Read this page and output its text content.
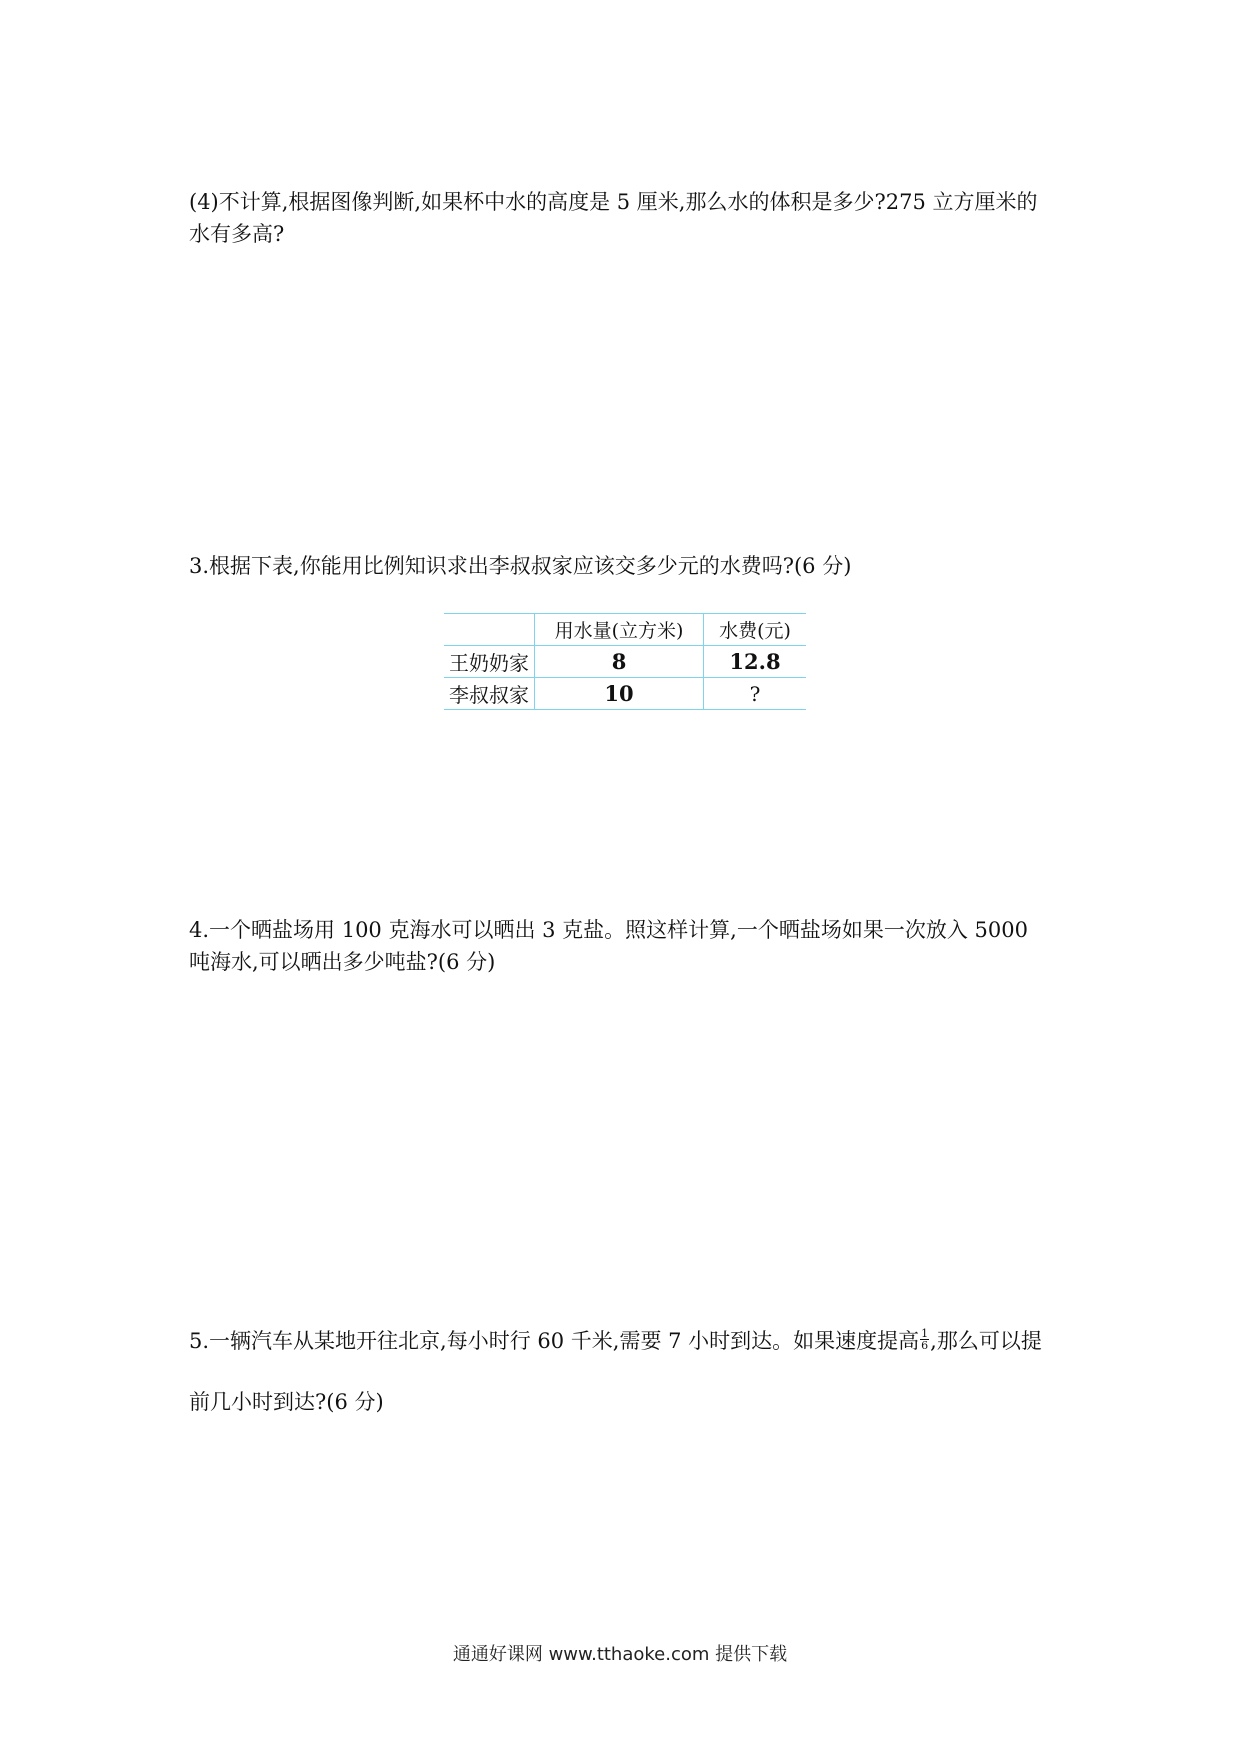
(4)不计算,根据图像判断,如果杯中水的高度是 5 厘米,那么水的体积是多少?275 立方厘米的
水有多高?
3.根据下表,你能用比例知识求出李叔叔家应该交多少元的水费吗?(6 分)
	用水量(立方米)	水费(元)
王奶奶家	8	12.8
李叔叔家	10	?
4.一个晒盐场用 100 克海水可以晒出 3 克盐。照这样计算,一个晒盐场如果一次放入 5000
吨海水,可以晒出多少吨盐?(6 分)
5.一辆汽车从某地开往北京,每小时行 60 千米,需要 7 小时到达。如果速度提高 $\frac{1}{6}$ ,那么可以提
前几小时到达?(6 分)
通通好课网 www.tthaoke.com 提供下载
